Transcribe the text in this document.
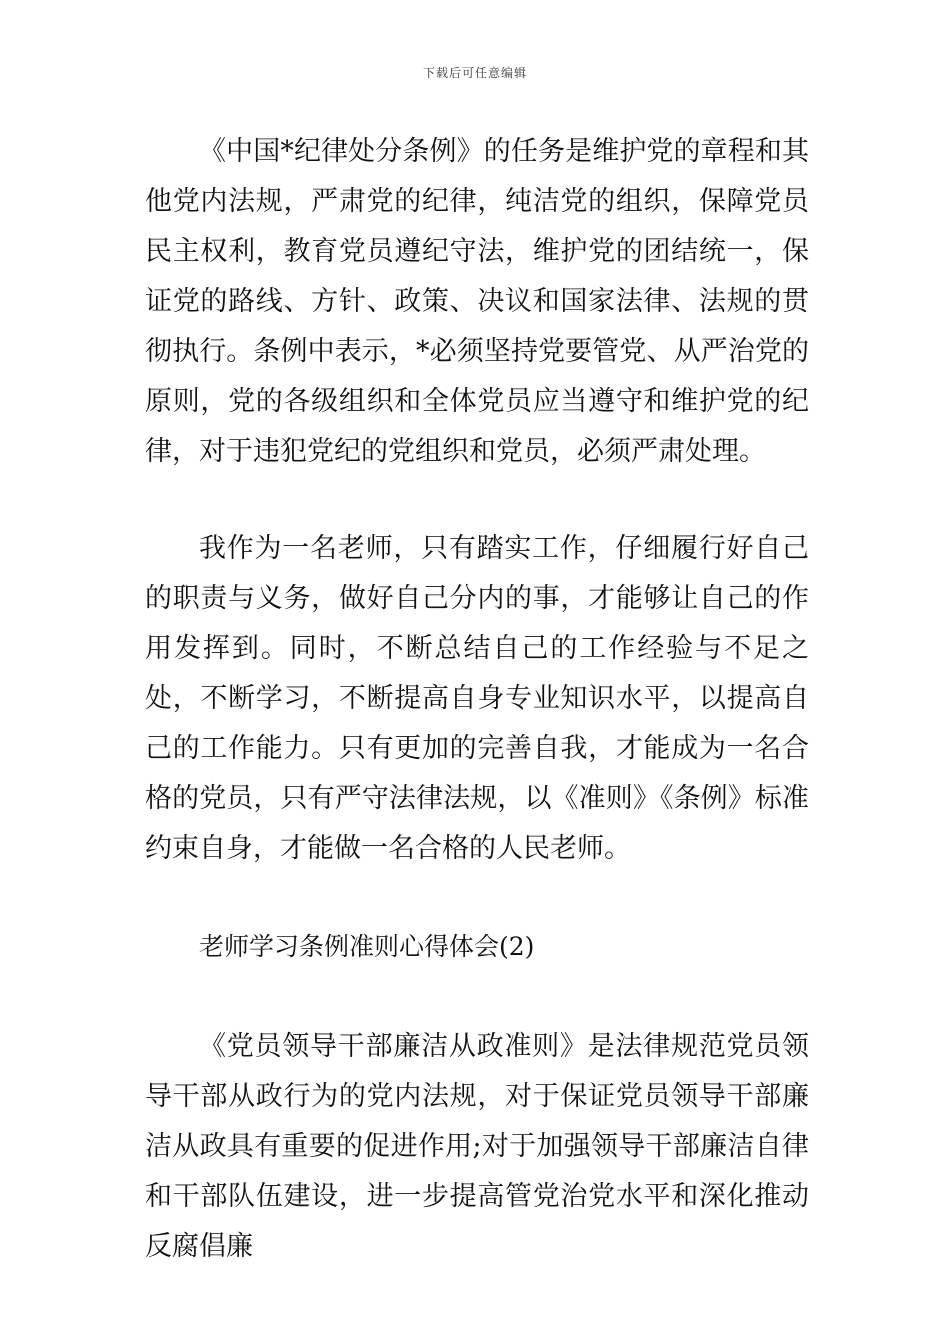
下载后可任意编辑

《中国*纪律处分条例》的任务是维护党的章程和其他党内法规，严肃党的纪律，纯洁党的组织，保障党员民主权利，教育党员遵纪守法，维护党的团结统一，保证党的路线、方针、政策、决议和国家法律、法规的贯彻执行。条例中表示，*必须坚持党要管党、从严治党的原则，党的各级组织和全体党员应当遵守和维护党的纪律，对于违犯党纪的党组织和党员，必须严肃处理。

我作为一名老师，只有踏实工作，仔细履行好自己的职责与义务，做好自己分内的事，才能够让自己的作用发挥到。同时，不断总结自己的工作经验与不足之处，不断学习，不断提高自身专业知识水平，以提高自己的工作能力。只有更加的完善自我，才能成为一名合格的党员，只有严守法律法规，以《准则》《条例》标准约束自身，才能做一名合格的人民老师。

老师学习条例准则心得体会(2)

《党员领导干部廉洁从政准则》是法律规范党员领导干部从政行为的党内法规，对于保证党员领导干部廉洁从政具有重要的促进作用;对于加强领导干部廉洁自律和干部队伍建设，进一步提高管党治党水平和深化推动反腐倡廉
